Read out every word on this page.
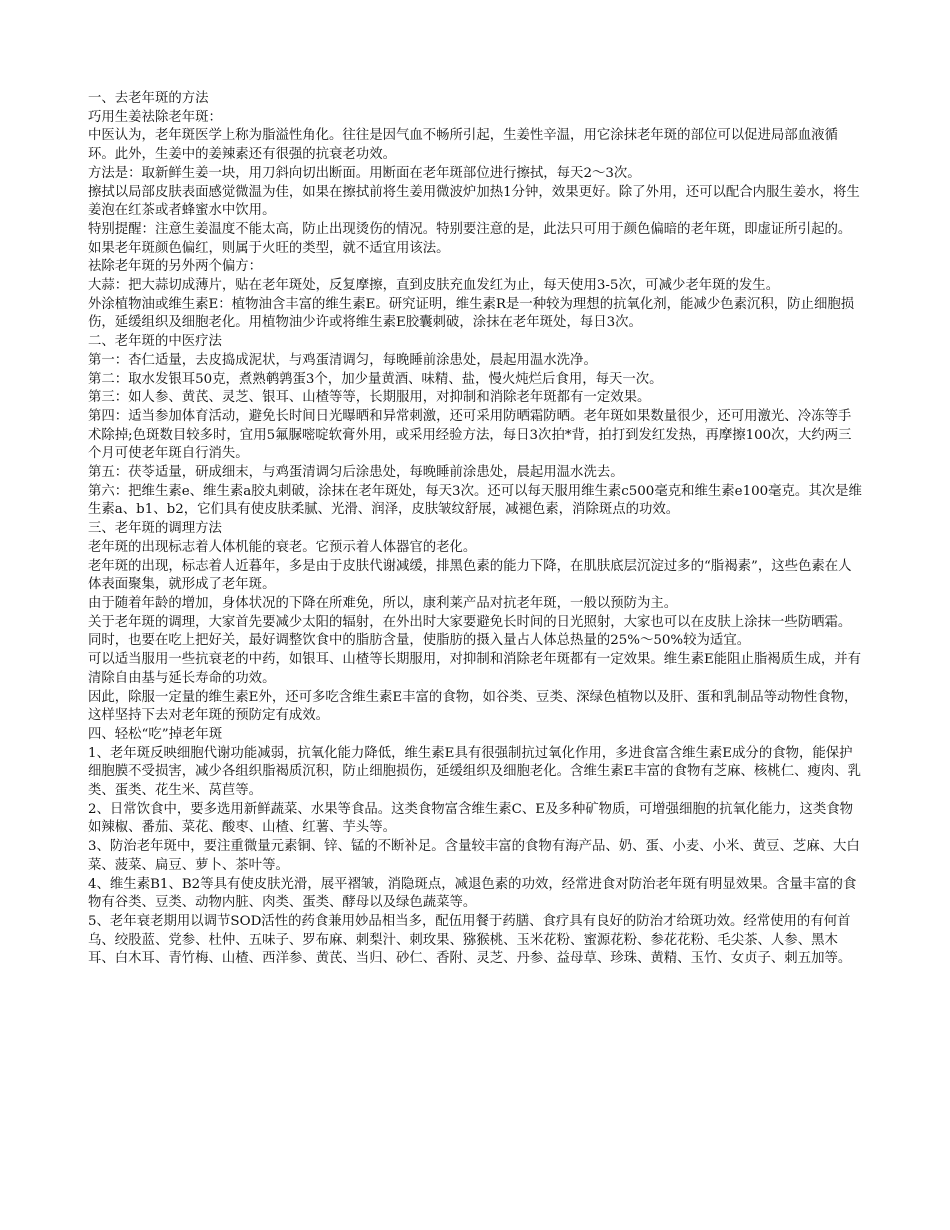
一、去老年斑的方法

巧用生姜祛除老年斑：

中医认为，老年斑医学上称为脂溢性角化。往往是因气血不畅所引起，生姜性辛温，用它涂抹老年斑的部位可以促进局部血液循环。此外，生姜中的姜辣素还有很强的抗衰老功效。

方法是：取新鲜生姜一块，用刀斜向切出断面。用断面在老年斑部位进行擦拭，每天2～3次。

擦拭以局部皮肤表面感觉微温为佳，如果在擦拭前将生姜用微波炉加热1分钟，效果更好。除了外用，还可以配合内服生姜水，将生姜泡在红茶或者蜂蜜水中饮用。

特别提醒：注意生姜温度不能太高，防止出现烫伤的情况。特别要注意的是，此法只可用于颜色偏暗的老年斑，即虚证所引起的。如果老年斑颜色偏红，则属于火旺的类型，就不适宜用该法。

祛除老年斑的另外两个偏方：

大蒜：把大蒜切成薄片，贴在老年斑处，反复摩擦，直到皮肤充血发红为止，每天使用3-5次，可减少老年斑的发生。

外涂植物油或维生素E：植物油含丰富的维生素E。研究证明，维生素R是一种较为理想的抗氧化剂，能减少色素沉积，防止细胞损伤，延缓组织及细胞老化。用植物油少许或将维生素E胶囊刺破，涂抹在老年斑处，每日3次。

二、老年斑的中医疗法

第一：杏仁适量，去皮捣成泥状，与鸡蛋清调匀，每晚睡前涂患处，晨起用温水洗净。

第二：取水发银耳50克，煮熟鹌鹑蛋3个，加少量黄酒、味精、盐，慢火炖烂后食用，每天一次。

第三：如人参、黄芪、灵芝、银耳、山楂等等，长期服用，对抑制和消除老年斑都有一定效果。

第四：适当参加体育活动，避免长时间日光曝晒和异常刺激，还可采用防晒霜防晒。老年斑如果数量很少，还可用激光、冷冻等手术除掉;色斑数目较多时，宜用5氟脲嘧啶软膏外用，或采用经验方法，每日3次拍*背，拍打到发红发热，再摩擦100次，大约两三个月可使老年斑自行消失。

第五：茯苓适量，研成细末，与鸡蛋清调匀后涂患处，每晚睡前涂患处，晨起用温水洗去。

第六：把维生素e、维生素a胶丸刺破，涂抹在老年斑处，每天3次。还可以每天服用维生素c500毫克和维生素e100毫克。其次是维生素a、b1、b2，它们具有使皮肤柔腻、光滑、润泽，皮肤皱纹舒展，减褪色素，消除斑点的功效。

三、老年斑的调理方法

老年斑的出现标志着人体机能的衰老。它预示着人体器官的老化。

老年斑的出现，标志着人近暮年，多是由于皮肤代谢减缓，排黑色素的能力下降，在肌肤底层沉淀过多的“脂褐素”，这些色素在人体表面聚集，就形成了老年斑。

由于随着年龄的增加，身体状况的下降在所难免，所以，康利莱产品对抗老年斑，一般以预防为主。

关于老年斑的调理，大家首先要减少太阳的辐射，在外出时大家要避免长时间的日光照射，大家也可以在皮肤上涂抹一些防晒霜。

同时，也要在吃上把好关，最好调整饮食中的脂肪含量，使脂肪的摄入量占人体总热量的25%～50%较为适宜。

可以适当服用一些抗衰老的中药，如银耳、山楂等长期服用，对抑制和消除老年斑都有一定效果。维生素E能阻止脂褐质生成，并有清除自由基与延长寿命的功效。

因此，除服一定量的维生素E外，还可多吃含维生素E丰富的食物，如谷类、豆类、深绿色植物以及肝、蛋和乳制品等动物性食物，这样坚持下去对老年斑的预防定有成效。

四、轻松“吃”掉老年斑

1、老年斑反映细胞代谢功能减弱，抗氧化能力降低，维生素E具有很强制抗过氧化作用，多进食富含维生素E成分的食物，能保护细胞膜不受损害，减少各组织脂褐质沉积，防止细胞损伤，延缓组织及细胞老化。含维生素E丰富的食物有芝麻、核桃仁、瘦肉、乳类、蛋类、花生米、莴苣等。

2、日常饮食中，要多选用新鲜蔬菜、水果等食品。这类食物富含维生素C、E及多种矿物质，可增强细胞的抗氧化能力，这类食物如辣椒、番茄、菜花、酸枣、山楂、红薯、芋头等。

3、防治老年斑中，要注重微量元素铜、锌、锰的不断补足。含量较丰富的食物有海产品、奶、蛋、小麦、小米、黄豆、芝麻、大白菜、菠菜、扁豆、萝卜、茶叶等。

4、维生素B1、B2等具有使皮肤光滑，展平褶皱，消隐斑点，减退色素的功效，经常进食对防治老年斑有明显效果。含量丰富的食物有谷类、豆类、动物内脏、肉类、蛋类、酵母以及绿色蔬菜等。

5、老年衰老期用以调节SOD活性的药食兼用妙品相当多，配伍用餐于药膳、食疗具有良好的防治才给斑功效。经常使用的有何首乌、绞股蓝、党参、杜仲、五味子、罗布麻、刺梨汁、刺玫果、猕猴桃、玉米花粉、蜜源花粉、参花花粉、毛尖茶、人参、黑木耳、白木耳、青竹梅、山楂、西洋参、黄芪、当归、砂仁、香附、灵芝、丹参、益母草、珍珠、黄精、玉竹、女贞子、刺五加等。
